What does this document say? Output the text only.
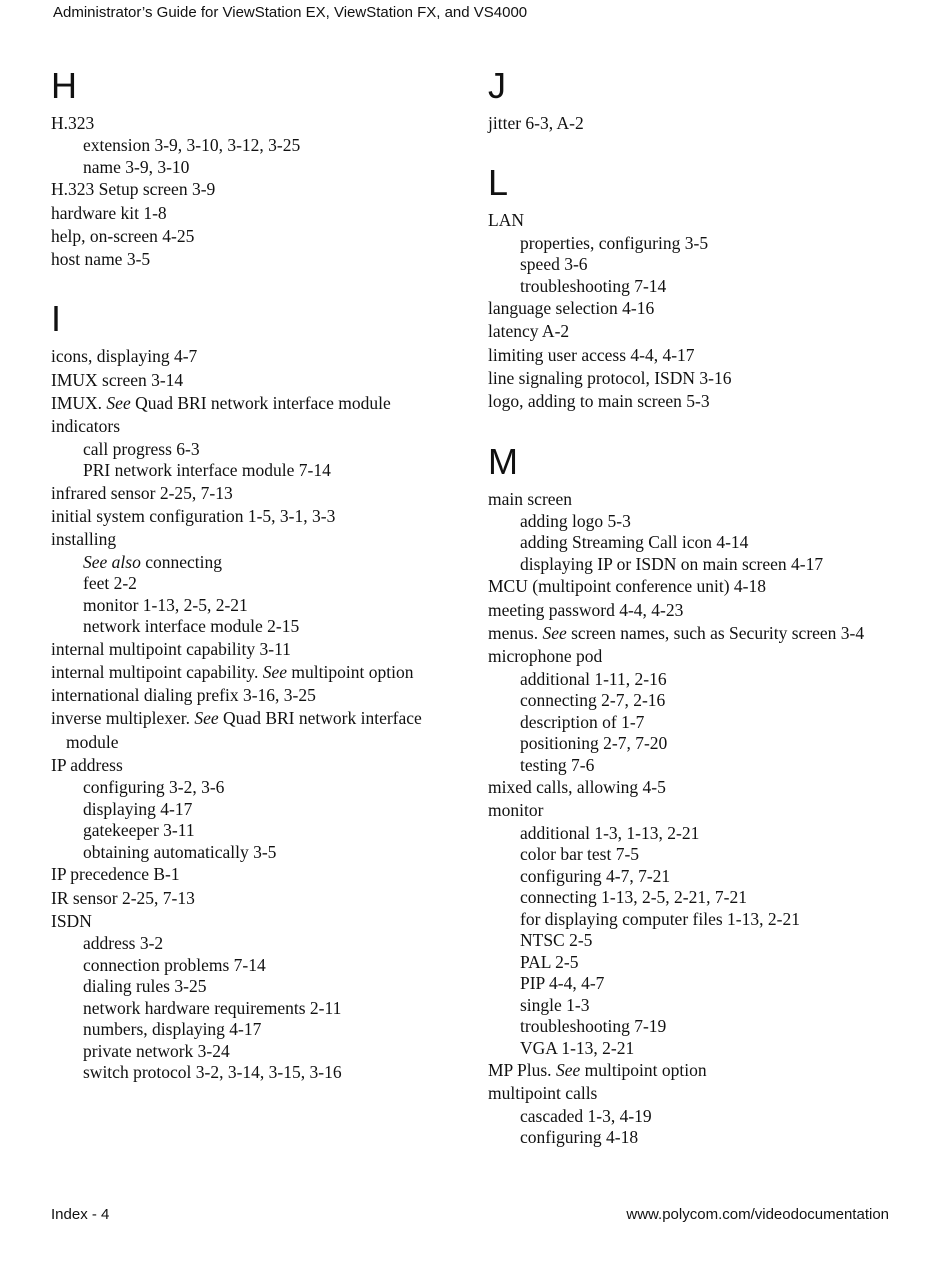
Administrator’s Guide for ViewStation EX, ViewStation FX, and VS4000
H
H.323
extension 3-9, 3-10, 3-12, 3-25
name 3-9, 3-10
H.323 Setup screen 3-9
hardware kit 1-8
help, on-screen 4-25
host name 3-5
I
icons, displaying 4-7
IMUX screen 3-14
IMUX. See Quad BRI network interface module
indicators
call progress 6-3
PRI network interface module 7-14
infrared sensor 2-25, 7-13
initial system configuration 1-5, 3-1, 3-3
installing
See also connecting
feet 2-2
monitor 1-13, 2-5, 2-21
network interface module 2-15
internal multipoint capability 3-11
internal multipoint capability. See multipoint option
international dialing prefix 3-16, 3-25
inverse multiplexer. See Quad BRI network interface module
IP address
configuring 3-2, 3-6
displaying 4-17
gatekeeper 3-11
obtaining automatically 3-5
IP precedence B-1
IR sensor 2-25, 7-13
ISDN
address 3-2
connection problems 7-14
dialing rules 3-25
network hardware requirements 2-11
numbers, displaying 4-17
private network 3-24
switch protocol 3-2, 3-14, 3-15, 3-16
J
jitter 6-3, A-2
L
LAN
properties, configuring 3-5
speed 3-6
troubleshooting 7-14
language selection 4-16
latency A-2
limiting user access 4-4, 4-17
line signaling protocol, ISDN 3-16
logo, adding to main screen 5-3
M
main screen
adding logo 5-3
adding Streaming Call icon 4-14
displaying IP or ISDN on main screen 4-17
MCU (multipoint conference unit) 4-18
meeting password 4-4, 4-23
menus. See screen names, such as Security screen 3-4
microphone pod
additional 1-11, 2-16
connecting 2-7, 2-16
description of 1-7
positioning 2-7, 7-20
testing 7-6
mixed calls, allowing 4-5
monitor
additional 1-3, 1-13, 2-21
color bar test 7-5
configuring 4-7, 7-21
connecting 1-13, 2-5, 2-21, 7-21
for displaying computer files 1-13, 2-21
NTSC 2-5
PAL 2-5
PIP 4-4, 4-7
single 1-3
troubleshooting 7-19
VGA 1-13, 2-21
MP Plus. See multipoint option
multipoint calls
cascaded 1-3, 4-19
configuring 4-18
Index - 4	www.polycom.com/videodocumentation
